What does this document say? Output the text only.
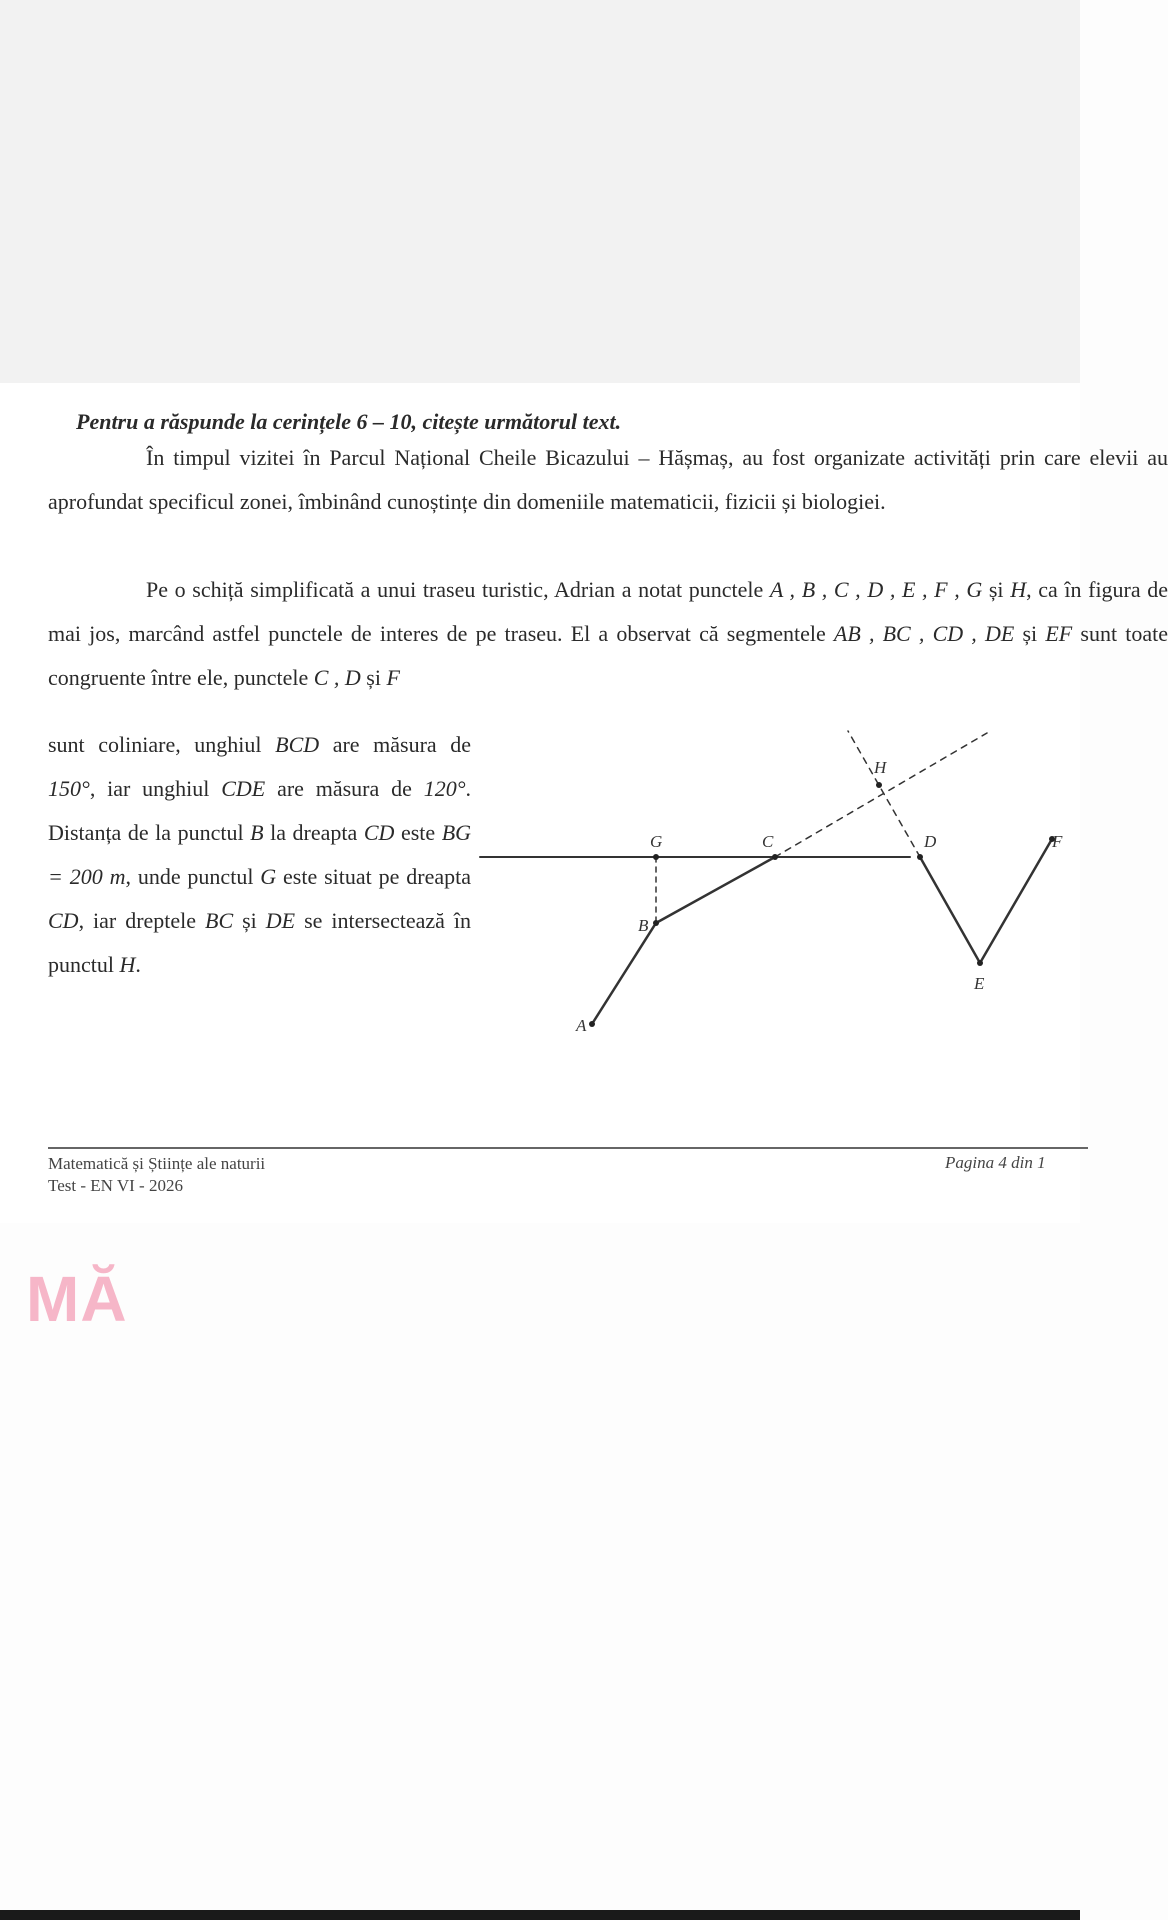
Pentru a răspunde la cerințele 6 – 10, citește următorul text.

În timpul vizitei în Parcul Național Cheile Bicazului – Hășmaș, au fost organizate activități prin care elevii au aprofundat specificul zonei, îmbinând cunoștințe din domeniile matematicii, fizicii și biologiei.

Pe o schiță simplificată a unui traseu turistic, Adrian a notat punctele A , B , C , D , E , F , G și H, ca în figura de mai jos, marcând astfel punctele de interes de pe traseu. El a observat că segmentele AB , BC , CD , DE și EF sunt toate congruente între ele, punctele C , D și F

sunt coliniare, unghiul BCD are măsura de 150°, iar unghiul CDE are măsura de 120°. Distanța de la punctul B la dreapta CD este BG = 200 m, unde punctul G este situat pe dreapta CD, iar dreptele BC și DE se intersectează în punctul H.

A
B
C	D
E
F
G
H
Matematică și Științe ale naturii
Test - EN VI - 2026
Pagina 4 din 1
MĂ
